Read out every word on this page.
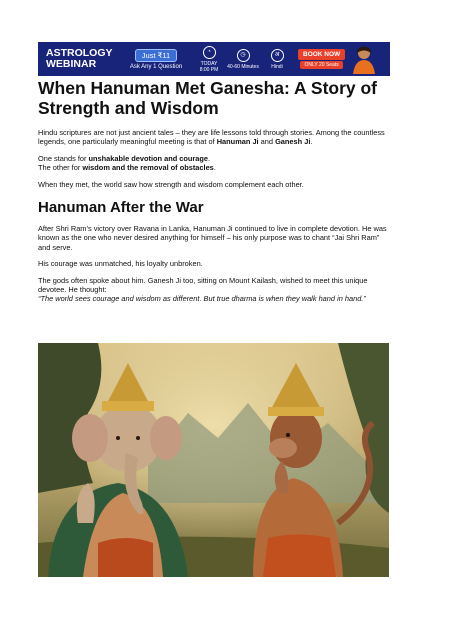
ASTROLOGY WEBINAR
Just ₹11
Ask Any 1 Question
◔
TODAY
8:00 PM
◷
40-60 Minutes
अ
Hindi
BOOK NOW
ONLY 20 Seats
When Hanuman Met Ganesha: A Story of Strength and Wisdom

Hindu scriptures are not just ancient tales – they are life lessons told through stories. Among the countless legends, one particularly meaningful meeting is that of Hanuman Ji and Ganesh Ji.

One stands for unshakable devotion and courage.
The other for wisdom and the removal of obstacles.

When they met, the world saw how strength and wisdom complement each other.

Hanuman After the War

After Shri Ram’s victory over Ravana in Lanka, Hanuman Ji continued to live in complete devotion. He was known as the one who never desired anything for himself – his only purpose was to chant “Jai Shri Ram” and serve.

His courage was unmatched, his loyalty unbroken.

The gods often spoke about him. Ganesh Ji too, sitting on Mount Kailash, wished to meet this unique devotee. He thought:
“The world sees courage and wisdom as different. But true dharma is when they walk hand in hand.”
